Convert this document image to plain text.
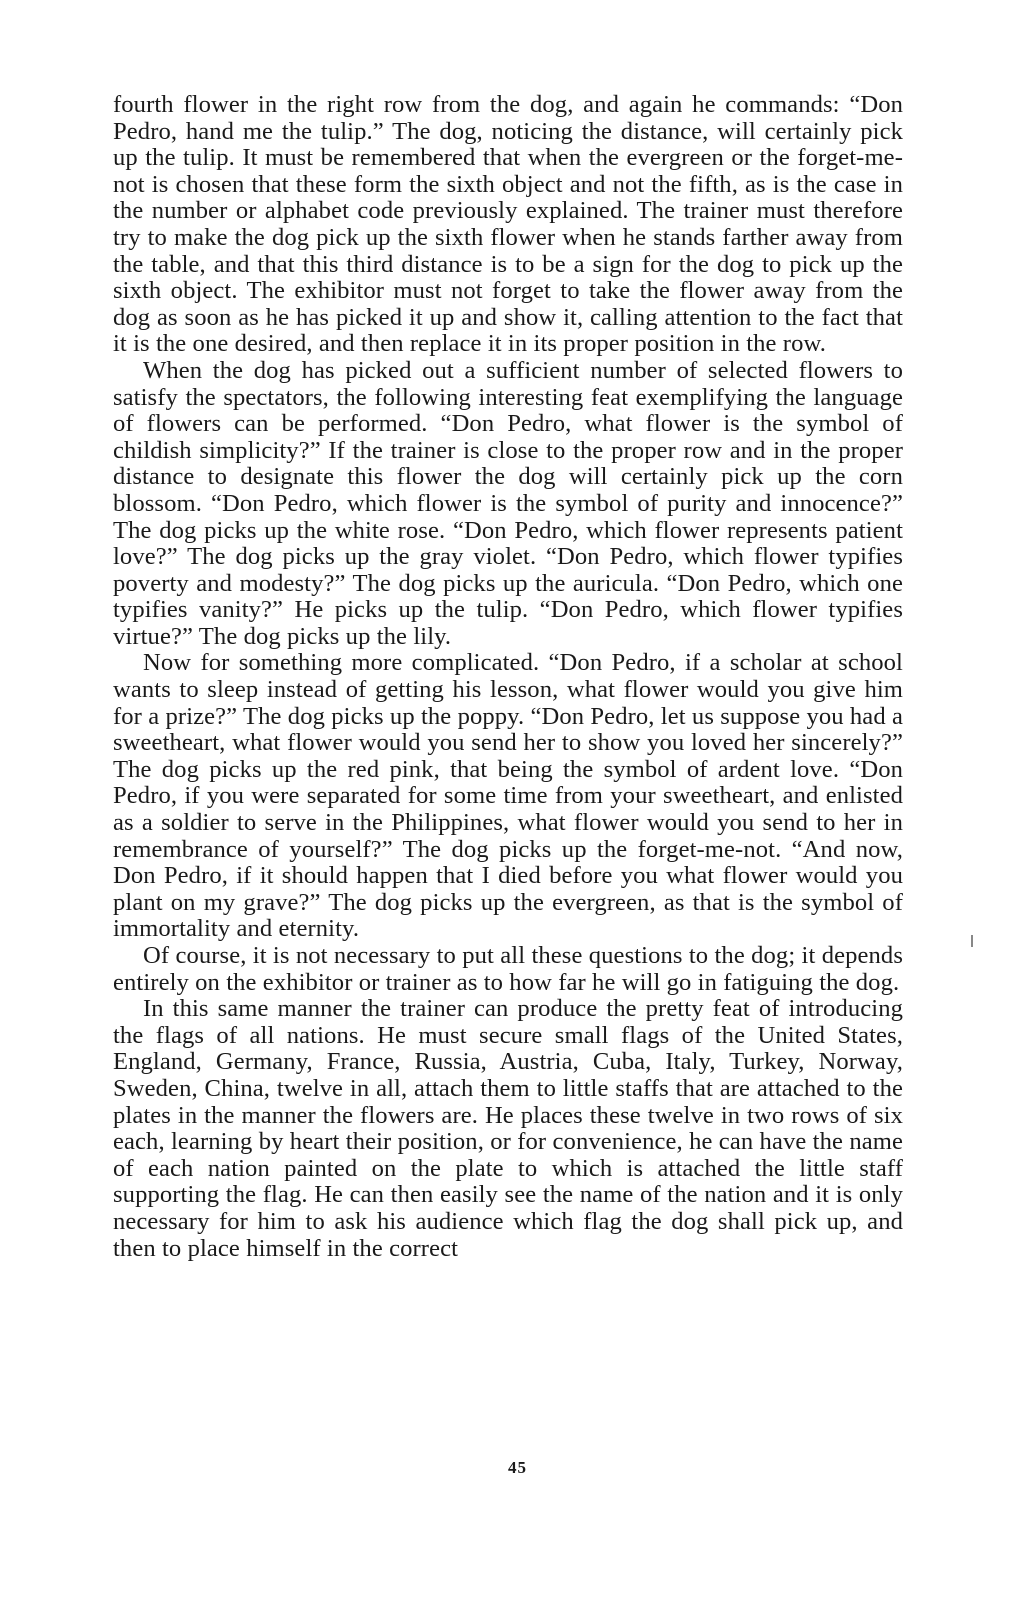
fourth flower in the right row from the dog, and again he commands: “Don Pedro, hand me the tulip.” The dog, noticing the distance, will certainly pick up the tulip. It must be remembered that when the evergreen or the forget-me-not is chosen that these form the sixth object and not the fifth, as is the case in the number or alphabet code previously explained. The trainer must therefore try to make the dog pick up the sixth flower when he stands farther away from the table, and that this third distance is to be a sign for the dog to pick up the sixth object. The exhibitor must not forget to take the flower away from the dog as soon as he has picked it up and show it, calling attention to the fact that it is the one desired, and then replace it in its proper position in the row.

When the dog has picked out a sufficient number of selected flowers to satisfy the spectators, the following interesting feat exemplifying the language of flowers can be performed. “Don Pedro, what flower is the symbol of childish simplicity?” If the trainer is close to the proper row and in the proper distance to designate this flower the dog will certainly pick up the corn blossom. “Don Pedro, which flower is the symbol of purity and innocence?” The dog picks up the white rose. “Don Pedro, which flower represents patient love?” The dog picks up the gray violet. “Don Pedro, which flower typifies poverty and modesty?” The dog picks up the auricula. “Don Pedro, which one typifies vanity?” He picks up the tulip. “Don Pedro, which flower typifies virtue?” The dog picks up the lily.

Now for something more complicated. “Don Pedro, if a scholar at school wants to sleep instead of getting his lesson, what flower would you give him for a prize?” The dog picks up the poppy. “Don Pedro, let us suppose you had a sweetheart, what flower would you send her to show you loved her sincerely?” The dog picks up the red pink, that being the symbol of ardent love. “Don Pedro, if you were separated for some time from your sweetheart, and enlisted as a soldier to serve in the Philippines, what flower would you send to her in remembrance of yourself?” The dog picks up the forget-me-not. “And now, Don Pedro, if it should happen that I died before you what flower would you plant on my grave?” The dog picks up the evergreen, as that is the symbol of immortality and eternity.

Of course, it is not necessary to put all these questions to the dog; it depends entirely on the exhibitor or trainer as to how far he will go in fatiguing the dog.

In this same manner the trainer can produce the pretty feat of introducing the flags of all nations. He must secure small flags of the United States, England, Germany, France, Russia, Austria, Cuba, Italy, Turkey, Norway, Sweden, China, twelve in all, attach them to little staffs that are attached to the plates in the manner the flowers are. He places these twelve in two rows of six each, learning by heart their position, or for convenience, he can have the name of each nation painted on the plate to which is attached the little staff supporting the flag. He can then easily see the name of the nation and it is only necessary for him to ask his audience which flag the dog shall pick up, and then to place himself in the correct

45
